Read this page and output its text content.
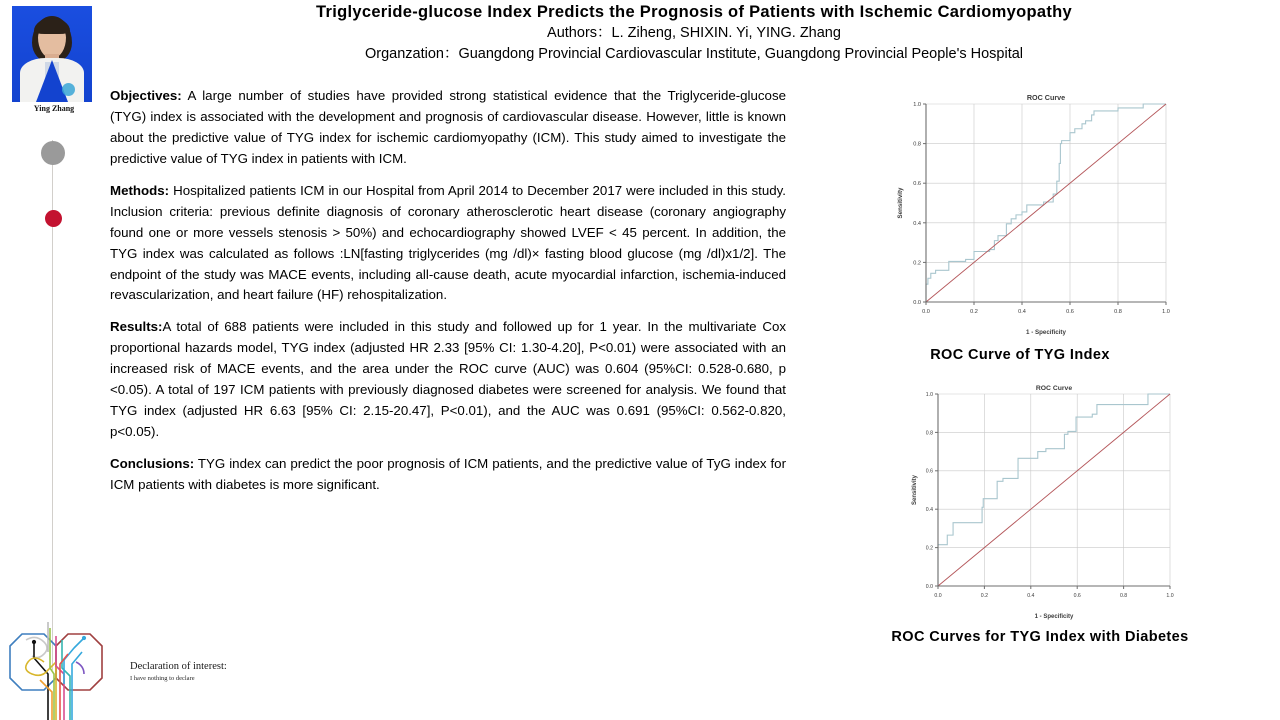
Ying Zhang
Triglyceride-glucose Index Predicts the Prognosis of Patients with Ischemic Cardiomyopathy
Authors：L. Ziheng, SHIXIN. Yi, YING. Zhang
Organzation：Guangdong Provincial Cardiovascular Institute, Guangdong Provincial People's Hospital

Objectives: A large number of studies have provided strong statistical evidence that the Triglyceride-glucose (TYG) index is associated with the development and prognosis of cardiovascular disease. However, little is known about the predictive value of TYG index for ischemic cardiomyopathy (ICM). This study aimed to investigate the predictive value of TYG index in patients with ICM.

Methods: Hospitalized patients ICM in our Hospital from April 2014 to December 2017 were included in this study. Inclusion criteria: previous definite diagnosis of coronary atherosclerotic heart disease (coronary angiography found one or more vessels stenosis > 50%) and echocardiography showed LVEF < 45 percent. In addition, the TYG index was calculated as follows :LN[fasting triglycerides (mg /dl)× fasting blood glucose (mg /dl)x1/2]. The endpoint of the study was MACE events, including all-cause death, acute myocardial infarction, ischemia-induced revascularization, and heart failure (HF) rehospitalization.

Results:A total of 688 patients were included in this study and followed up for 1 year. In the multivariate Cox proportional hazards model, TYG index (adjusted HR 2.33 [95% CI: 1.30-4.20], P<0.01) were associated with an increased risk of MACE events, and the area under the ROC curve (AUC) was 0.604 (95%CI: 0.528-0.680, p <0.05). A total of 197 ICM patients with previously diagnosed diabetes were screened for analysis. We found that TYG index (adjusted HR 6.63 [95% CI: 2.15-20.47], P<0.01), and the AUC was 0.691 (95%CI: 0.562-0.820, p<0.05).

Conclusions: TYG index can predict the poor prognosis of ICM patients, and the predictive value of TyG index for ICM patients with diabetes is more significant.

Declaration of interest:
I have nothing to declare
0.0	0.2	0.4	0.6	0.8	1.0
0.0
0.2
0.4
0.6
0.8
1.0
ROC Curve
1 - Specificity
Sensitivity
ROC Curve of TYG Index
0.0	0.2	0.4	0.6	0.8	1.0
0.0
0.2
0.4
0.6
0.8
1.0
ROC Curve
1 - Specificity
Sensitivity
ROC Curves for TYG Index with Diabetes
